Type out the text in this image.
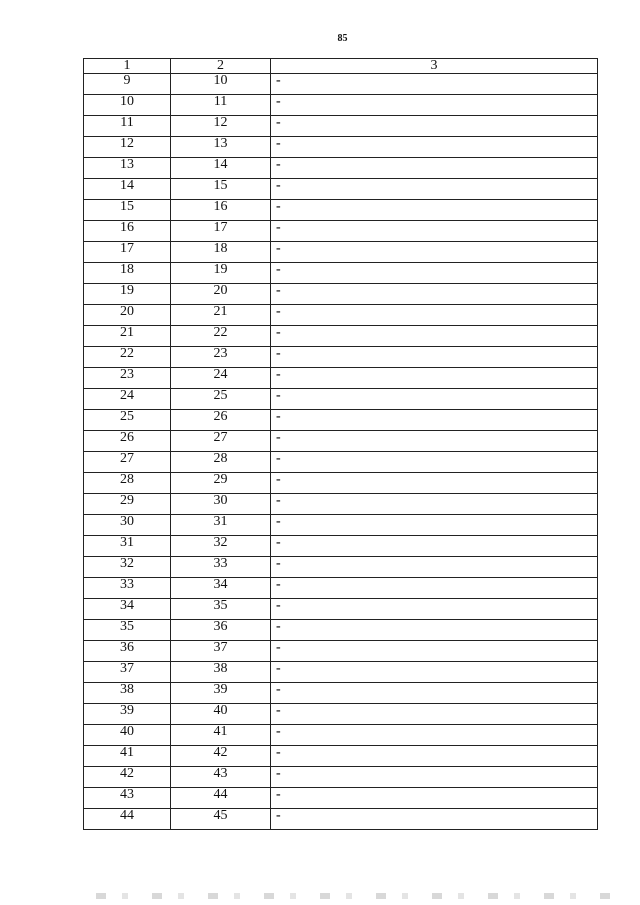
85
1	2	3
9	10	-
10	11	-
11	12	-
12	13	-
13	14	-
14	15	-
15	16	-
16	17	-
17	18	-
18	19	-
19	20	-
20	21	-
21	22	-
22	23	-
23	24	-
24	25	-
25	26	-
26	27	-
27	28	-
28	29	-
29	30	-
30	31	-
31	32	-
32	33	-
33	34	-
34	35	-
35	36	-
36	37	-
37	38	-
38	39	-
39	40	-
40	41	-
41	42	-
42	43	-
43	44	-
44	45	-
